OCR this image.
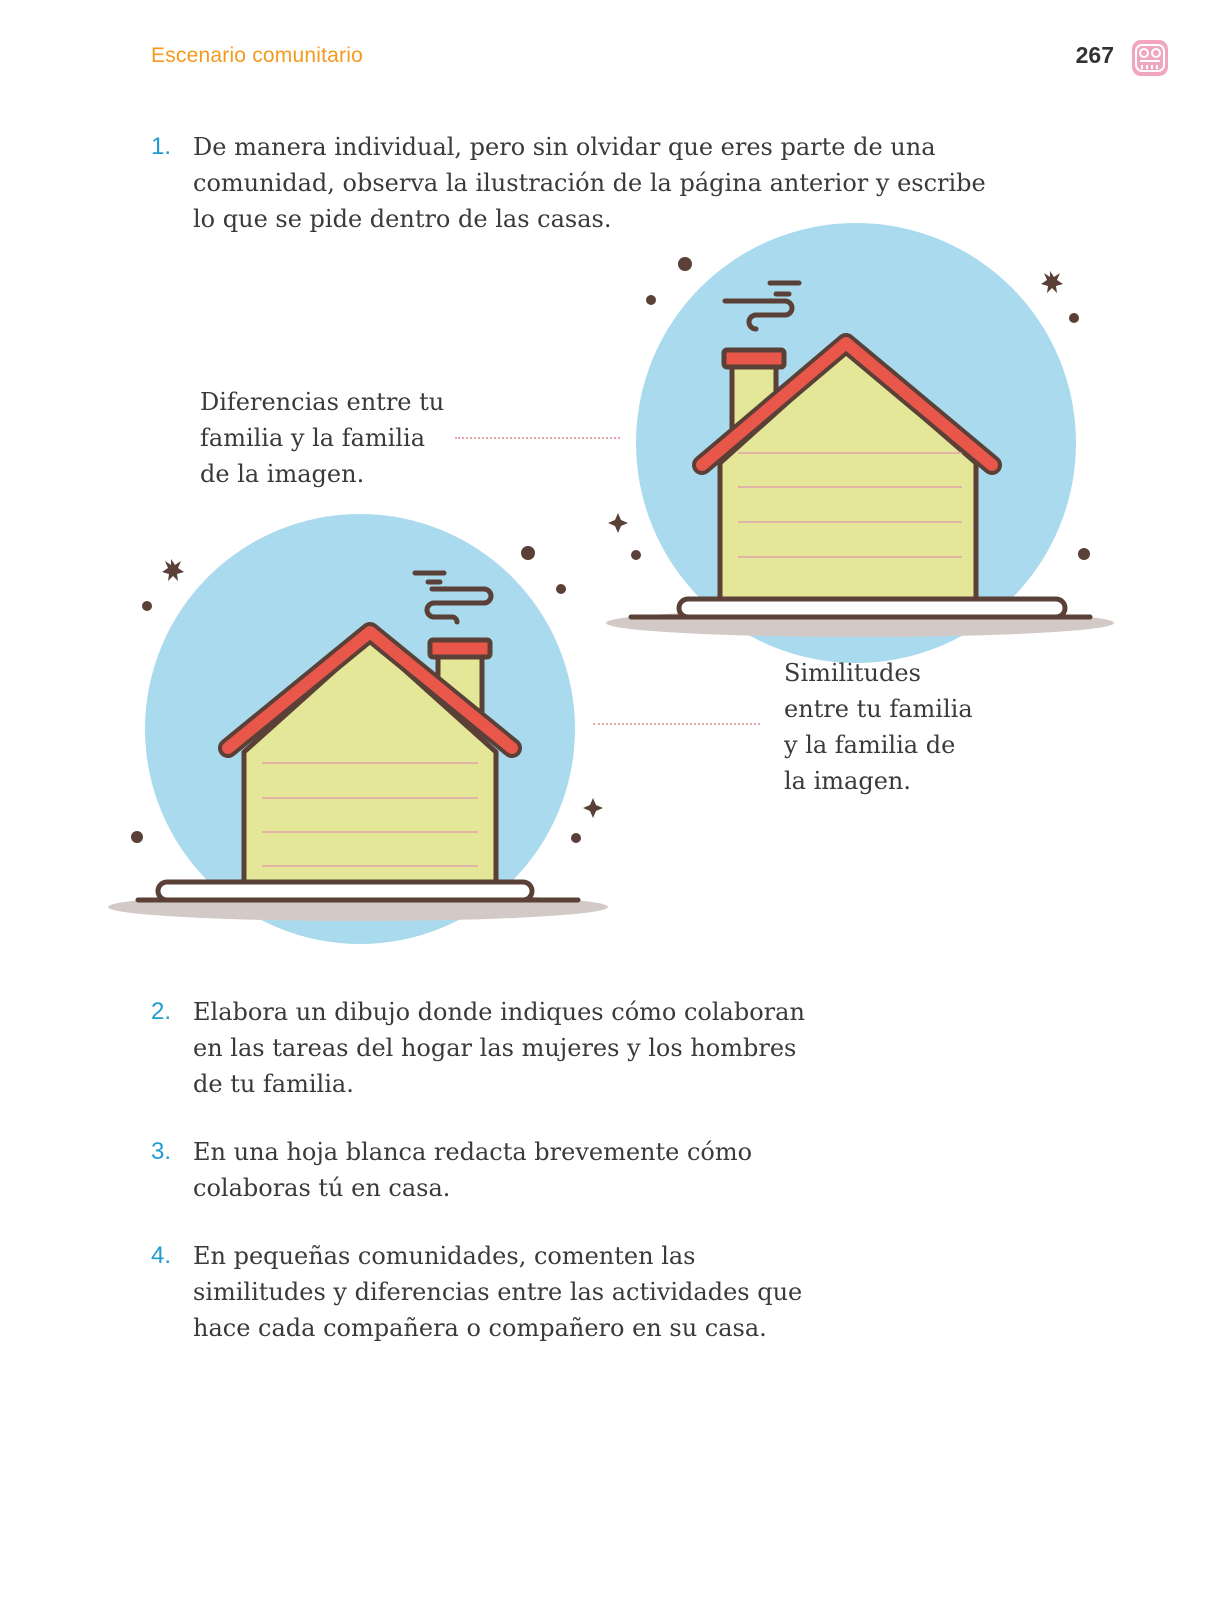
Escenario comunitario	267
1. De manera individual, pero sin olvidar que eres parte de una comunidad, observa la ilustración de la página anterior y escribe lo que se pide dentro de las casas.
Diferencias entre tu familia y la familia de la imagen.
Similitudes entre tu familia y la familia de la imagen.
2. Elabora un dibujo donde indiques cómo colaboran en las tareas del hogar las mujeres y los hombres de tu familia.
3. En una hoja blanca redacta brevemente cómo colaboras tú en casa.
4. En pequeñas comunidades, comenten las similitudes y diferencias entre las actividades que hace cada compañera o compañero en su casa.
